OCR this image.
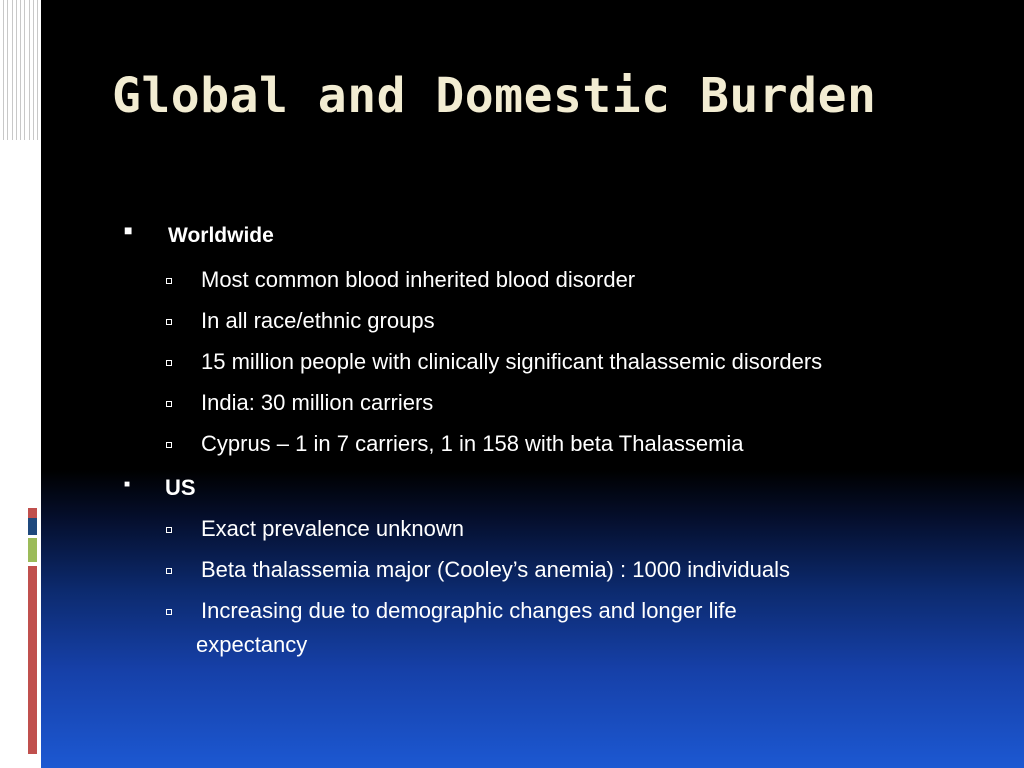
Global and Domestic Burden
■ Worldwide
Most common blood inherited blood disorder
In all race/ethnic groups
15 million people with clinically significant thalassemic disorders
India: 30 million carriers
Cyprus – 1 in 7 carriers, 1 in 158 with beta Thalassemia
■ US
Exact prevalence unknown
Beta thalassemia major (Cooley’s anemia) : 1000 individuals
Increasing due to demographic changes and longer life
expectancy
